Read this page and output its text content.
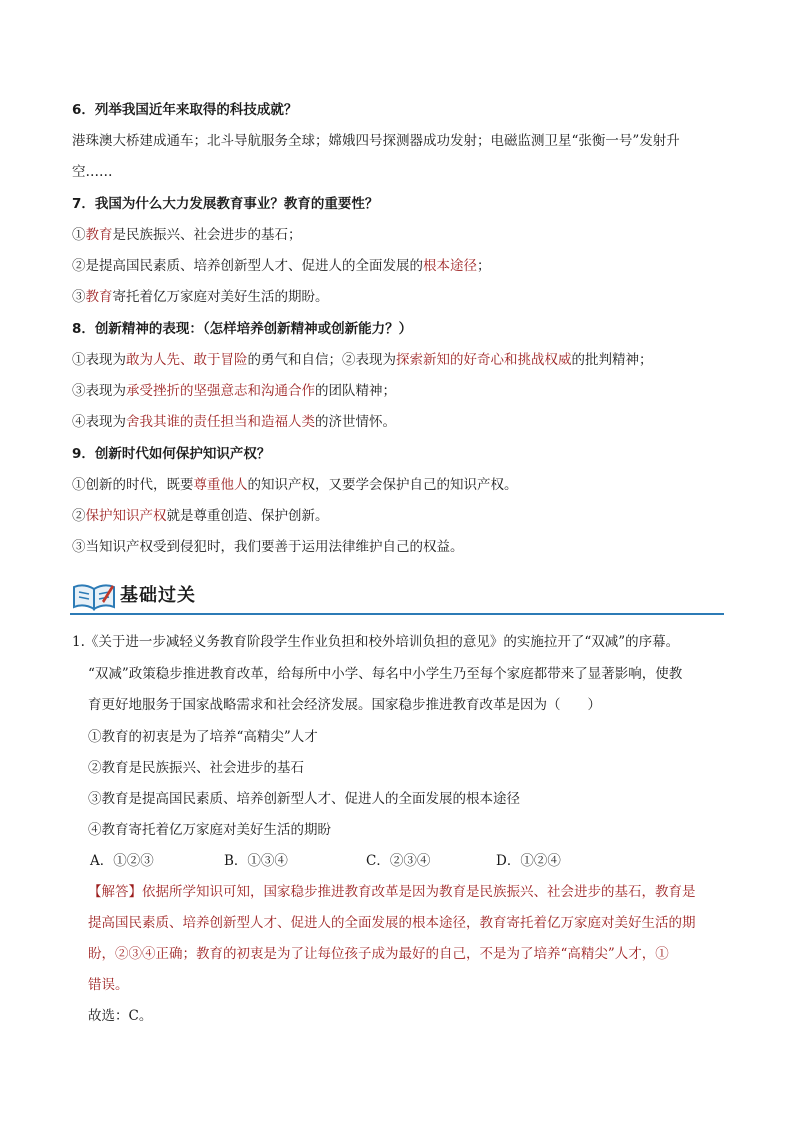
6．列举我国近年来取得的科技成就？
港珠澳大桥建成通车；北斗导航服务全球；嫦娥四号探测器成功发射；电磁监测卫星“张衡一号”发射升
空……
7．我国为什么大力发展教育事业？教育的重要性？
①教育是民族振兴、社会进步的基石；
②是提高国民素质、培养创新型人才、促进人的全面发展的根本途径；
③教育寄托着亿万家庭对美好生活的期盼。
8．创新精神的表现：（怎样培养创新精神或创新能力？）
①表现为敢为人先、敢于冒险的勇气和自信；②表现为探索新知的好奇心和挑战权威的批判精神；
③表现为承受挫折的坚强意志和沟通合作的团队精神；
④表现为舍我其谁的责任担当和造福人类的济世情怀。
9．创新时代如何保护知识产权？
①创新的时代，既要尊重他人的知识产权，又要学会保护自己的知识产权。
②保护知识产权就是尊重创造、保护创新。
③当知识产权受到侵犯时，我们要善于运用法律维护自己的权益。
基础过关
1.《关于进一步减轻义务教育阶段学生作业负担和校外培训负担的意见》的实施拉开了“双减”的序幕。
“双减”政策稳步推进教育改革，给每所中小学、每名中小学生乃至每个家庭都带来了显著影响，使教
育更好地服务于国家战略需求和社会经济发展。国家稳步推进教育改革是因为（　　）
①教育的初衷是为了培养“高精尖”人才
②教育是民族振兴、社会进步的基石
③教育是提高国民素质、培养创新型人才、促进人的全面发展的根本途径
④教育寄托着亿万家庭对美好生活的期盼
A．①②③	B．①③④	C．②③④	D．①②④
【解答】依据所学知识可知，国家稳步推进教育改革是因为教育是民族振兴、社会进步的基石，教育是
提高国民素质、培养创新型人才、促进人的全面发展的根本途径，教育寄托着亿万家庭对美好生活的期
盼，②③④正确；教育的初衷是为了让每位孩子成为最好的自己，不是为了培养“高精尖”人才，①
错误。
故选：C。
